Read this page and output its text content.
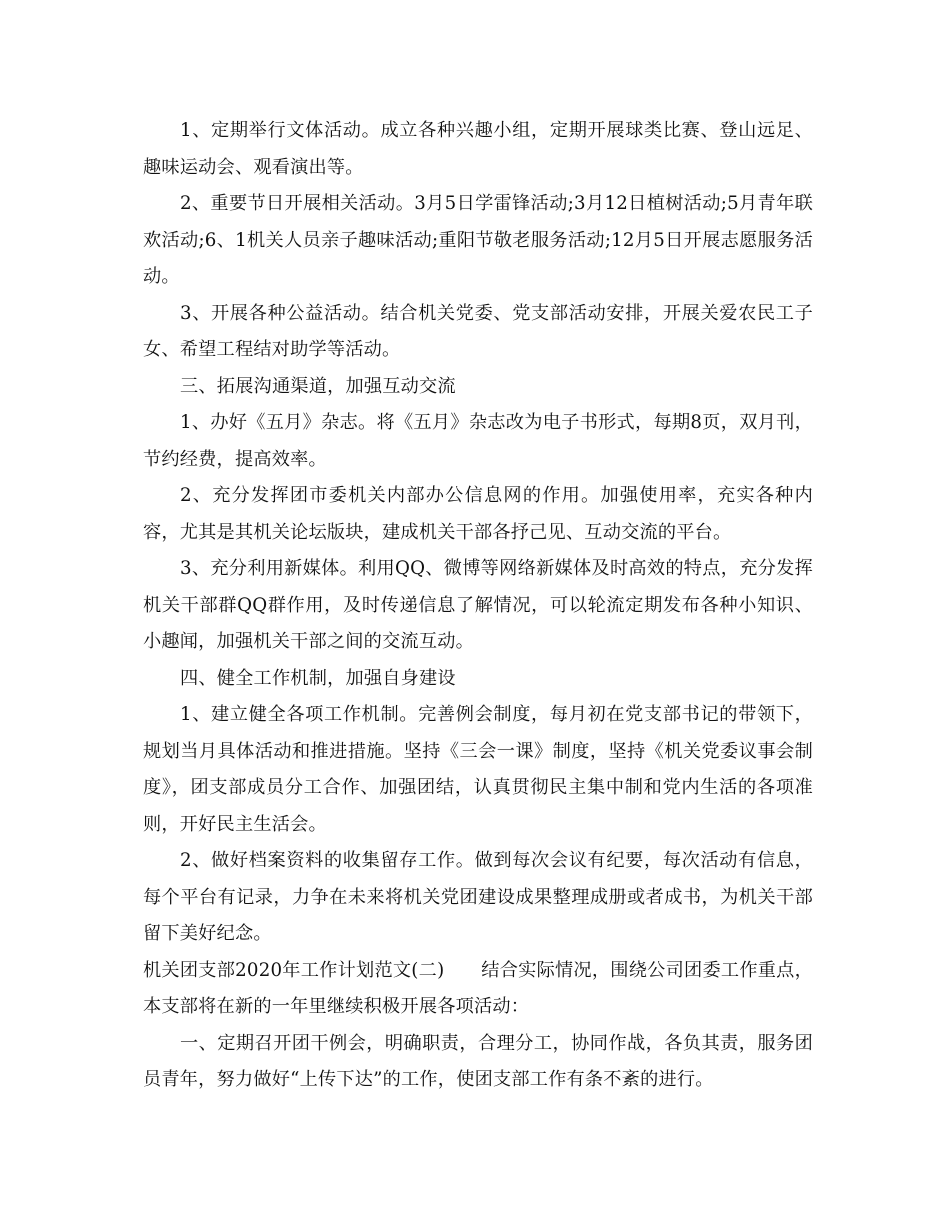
1、定期举行文体活动。成立各种兴趣小组，定期开展球类比赛、登山远足、趣味运动会、观看演出等。

2、重要节日开展相关活动。3月5日学雷锋活动;3月12日植树活动;5月青年联欢活动;6、1机关人员亲子趣味活动;重阳节敬老服务活动;12月5日开展志愿服务活动。

3、开展各种公益活动。结合机关党委、党支部活动安排，开展关爱农民工子女、希望工程结对助学等活动。

三、拓展沟通渠道，加强互动交流

1、办好《五月》杂志。将《五月》杂志改为电子书形式，每期8页，双月刊，节约经费，提高效率。

2、充分发挥团市委机关内部办公信息网的作用。加强使用率，充实各种内容，尤其是其机关论坛版块，建成机关干部各抒己见、互动交流的平台。

3、充分利用新媒体。利用QQ、微博等网络新媒体及时高效的特点，充分发挥机关干部群QQ群作用，及时传递信息了解情况，可以轮流定期发布各种小知识、小趣闻，加强机关干部之间的交流互动。

四、健全工作机制，加强自身建设

1、建立健全各项工作机制。完善例会制度，每月初在党支部书记的带领下，规划当月具体活动和推进措施。坚持《三会一课》制度，坚持《机关党委议事会制度》，团支部成员分工合作、加强团结，认真贯彻民主集中制和党内生活的各项准则，开好民主生活会。

2、做好档案资料的收集留存工作。做到每次会议有纪要，每次活动有信息，每个平台有记录，力争在未来将机关党团建设成果整理成册或者成书，为机关干部留下美好纪念。

机关团支部2020年工作计划范文(二)　　结合实际情况，围绕公司团委工作重点，本支部将在新的一年里继续积极开展各项活动：

一、定期召开团干例会，明确职责，合理分工，协同作战，各负其责，服务团员青年，努力做好“上传下达”的工作，使团支部工作有条不紊的进行。
